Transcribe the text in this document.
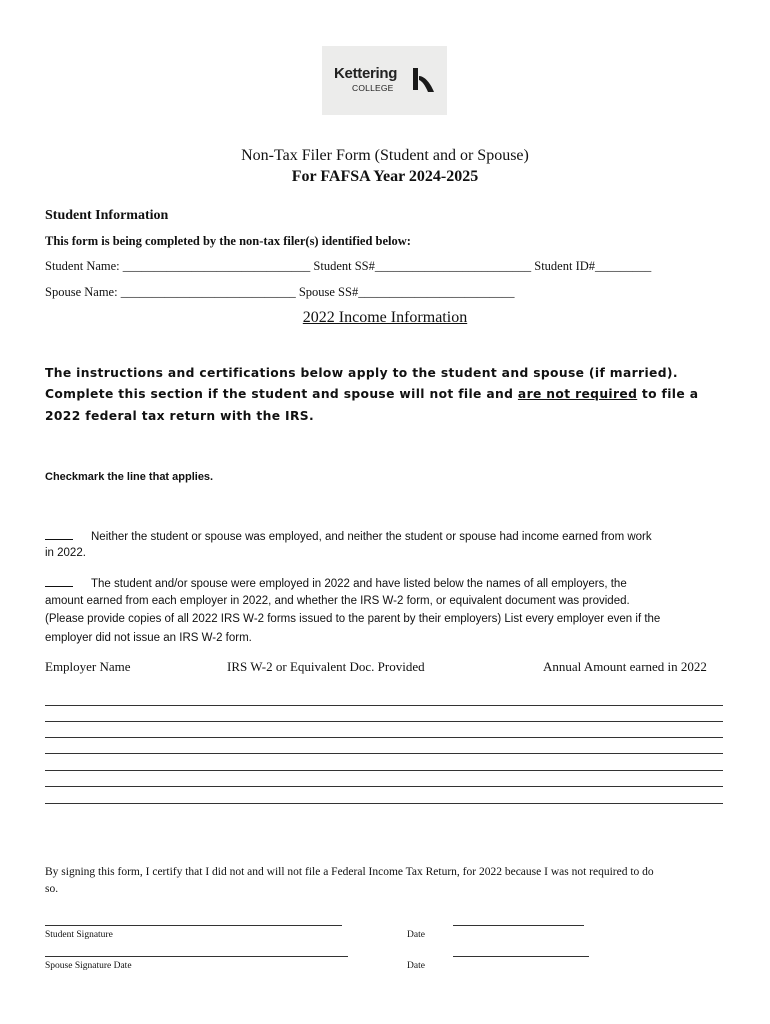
Kettering
COLLEGE
Non-Tax Filer Form (Student and or Spouse)
For FAFSA Year 2024-2025
Student Information
This form is being completed by the non-tax filer(s) identified below:
Student Name: ______________________________ Student SS#_________________________ Student ID#_________
Spouse Name: ____________________________ Spouse SS#_________________________
2022 Income Information
The instructions and certifications below apply to the student and spouse (if married).
Complete this section if the student and spouse will not file and are not required to file a
2022 federal tax return with the IRS.
Checkmark the line that applies.
Neither the student or spouse was employed, and neither the student or spouse had income earned from work
in 2022.
The student and/or spouse were employed in 2022 and have listed below the names of all employers, the
amount earned from each employer in 2022, and whether the IRS W-2 form, or equivalent document was provided.
(Please provide copies of all 2022 IRS W-2 forms issued to the parent by their employers) List every employer even if the
employer did not issue an IRS W-2 form.
Employer Name	IRS W-2 or Equivalent Doc. Provided	Annual Amount earned in 2022
By signing this form, I certify that I did not and will not file a Federal Income Tax Return, for 2022 because I was not required to do
so.
Student Signature	Date
Spouse Signature Date	Date
